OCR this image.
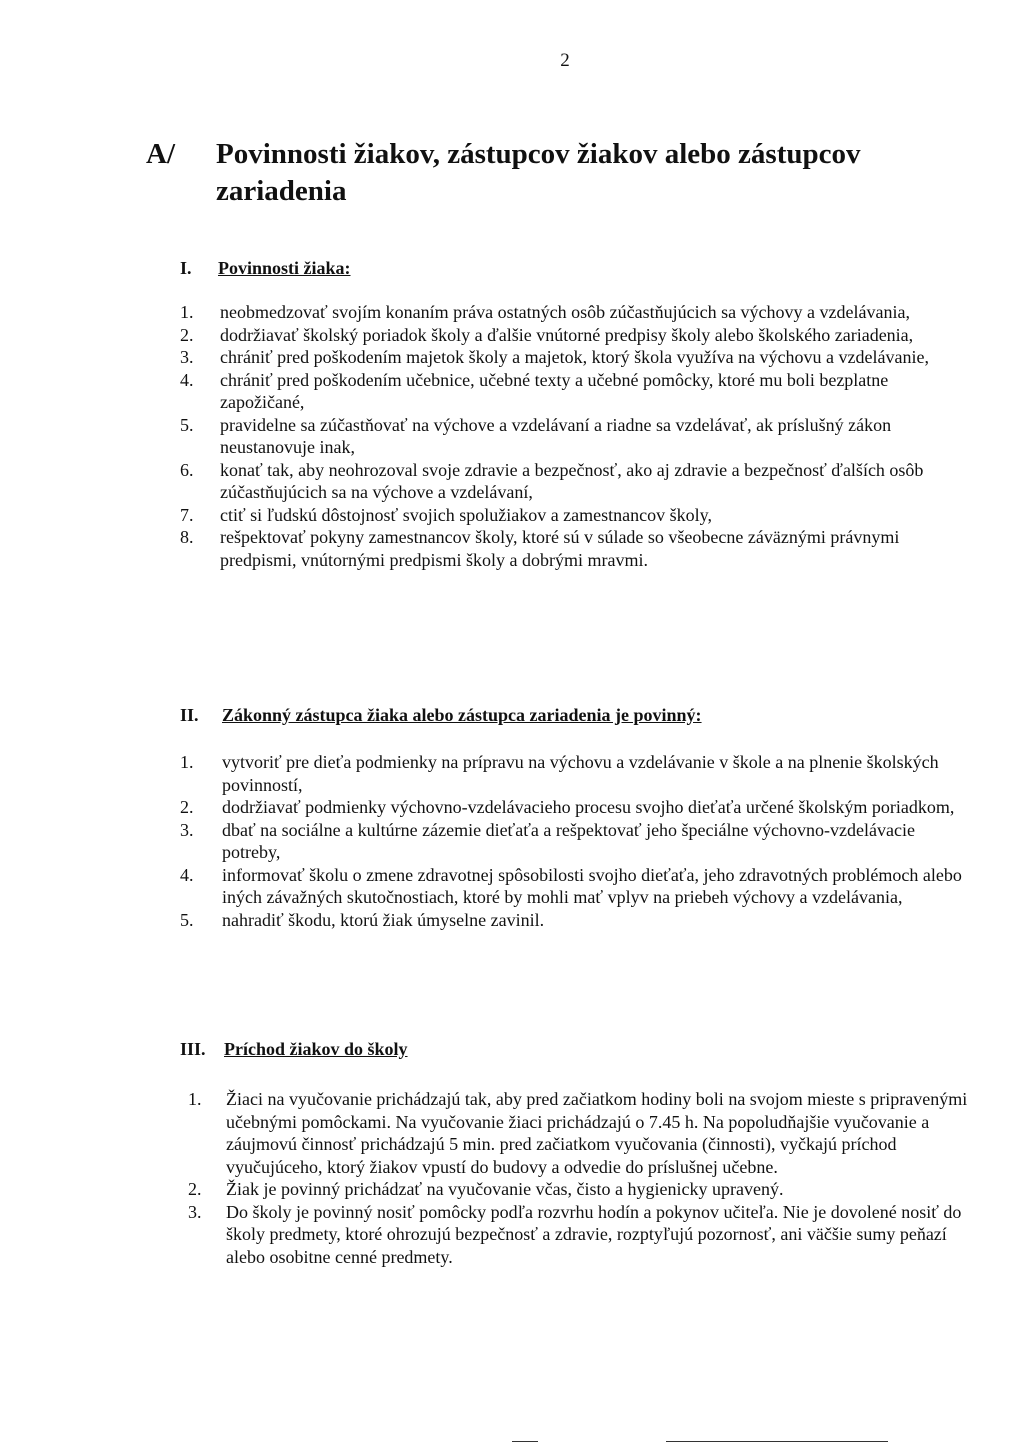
2
A/ Povinnosti žiakov, zástupcov žiakov alebo zástupcov zariadenia
I. Povinnosti žiaka:
1. neobmedzovať svojím konaním práva ostatných osôb zúčastňujúcich sa výchovy a vzdelávania,
2. dodržiavať školský poriadok školy a ďalšie vnútorné predpisy školy alebo školského zariadenia,
3. chrániť pred poškodením majetok školy a majetok, ktorý škola využíva na výchovu a vzdelávanie,
4. chrániť pred poškodením učebnice, učebné texty a učebné pomôcky, ktoré mu boli bezplatne zapožičané,
5. pravidelne sa zúčastňovať na výchove a vzdelávaní a riadne sa vzdelávať, ak príslušný zákon neustanovuje inak,
6. konať tak, aby neohrozoval svoje zdravie a bezpečnosť, ako aj zdravie a bezpečnosť ďalších osôb zúčastňujúcich sa na výchove a vzdelávaní,
7. ctiť si ľudskú dôstojnosť svojich spolužiakov a zamestnancov školy,
8. rešpektovať pokyny zamestnancov školy, ktoré sú v súlade so všeobecne záväznými právnymi predpismi, vnútornými predpismi školy a dobrými mravmi.
II. Zákonný zástupca žiaka alebo zástupca zariadenia je povinný:
1. vytvoriť pre dieťa podmienky na prípravu na výchovu a vzdelávanie v škole a na plnenie školských povinností,
2. dodržiavať podmienky výchovno-vzdelávacieho procesu svojho dieťaťa určené školským poriadkom,
3. dbať na sociálne a kultúrne zázemie dieťaťa a rešpektovať jeho špeciálne výchovno-vzdelávacie potreby,
4. informovať školu o zmene zdravotnej spôsobilosti svojho dieťaťa, jeho zdravotných problémoch alebo iných závažných skutočnostiach, ktoré by mohli mať vplyv na priebeh výchovy a vzdelávania,
5. nahradiť škodu, ktorú žiak úmyselne zavinil.
III. Príchod žiakov do školy
1. Žiaci na vyučovanie prichádzajú tak, aby pred začiatkom hodiny boli na svojom mieste s pripravenými učebnými pomôckami. Na vyučovanie žiaci prichádzajú o 7.45 h. Na popoludňajšie vyučovanie a záujmovú činnosť prichádzajú 5 min. pred začiatkom vyučovania (činnosti), vyčkajú príchod vyučujúceho, ktorý žiakov vpustí do budovy a odvedie do príslušnej učebne.
2. Žiak je povinný prichádzať na vyučovanie včas, čisto a hygienicky upravený.
3. Do školy je povinný nosiť pomôcky podľa rozvrhu hodín a pokynov učiteľa. Nie je dovolené nosiť do školy predmety, ktoré ohrozujú bezpečnosť a zdravie, rozptyľujú pozornosť, ani väčšie sumy peňazí alebo osobitne cenné predmety.
